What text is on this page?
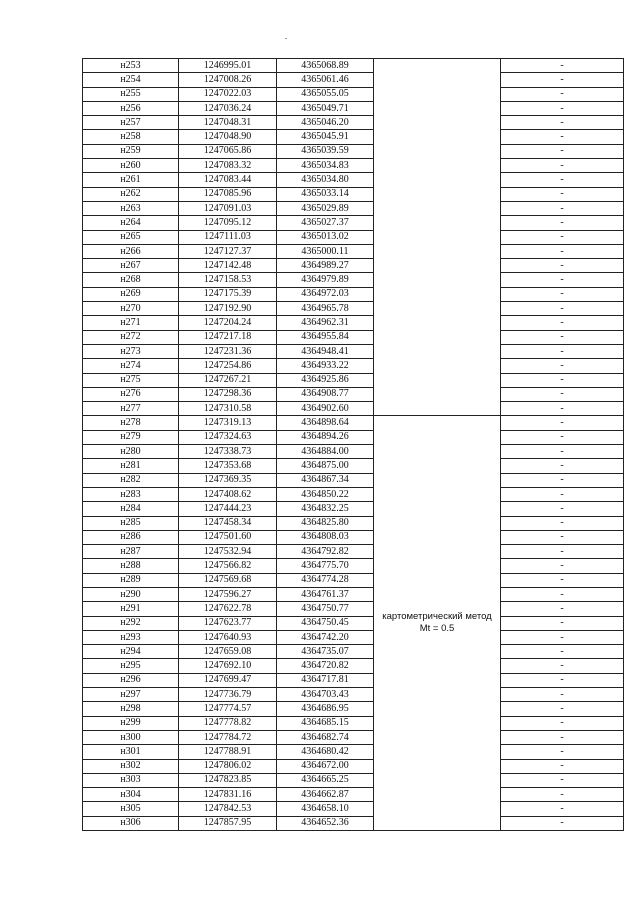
н253	1246995.01	4365068.89		-
н254	1247008.26	4365061.46		-
н255	1247022.03	4365055.05		-
н256	1247036.24	4365049.71		-
н257	1247048.31	4365046.20		-
н258	1247048.90	4365045.91		-
н259	1247065.86	4365039.59		-
н260	1247083.32	4365034.83		-
н261	1247083.44	4365034.80		-
н262	1247085.96	4365033.14		-
н263	1247091.03	4365029.89		-
н264	1247095.12	4365027.37		-
н265	1247111.03	4365013.02		-
н266	1247127.37	4365000.11		-
н267	1247142.48	4364989.27		-
н268	1247158.53	4364979.89		-
н269	1247175.39	4364972.03		-
н270	1247192.90	4364965.78		-
н271	1247204.24	4364962.31		-
н272	1247217.18	4364955.84		-
н273	1247231.36	4364948.41		-
н274	1247254.86	4364933.22		-
н275	1247267.21	4364925.86		-
н276	1247298.36	4364908.77		-
н277	1247310.58	4364902.60		-
н278	1247319.13	4364898.64	картометрический метод Mt = 0.5	-
н279	1247324.63	4364894.26		-
н280	1247338.73	4364884.00		-
н281	1247353.68	4364875.00		-
н282	1247369.35	4364867.34		-
н283	1247408.62	4364850.22		-
н284	1247444.23	4364832.25		-
н285	1247458.34	4364825.80		-
н286	1247501.60	4364808.03		-
н287	1247532.94	4364792.82		-
н288	1247566.82	4364775.70		-
н289	1247569.68	4364774.28		-
н290	1247596.27	4364761.37		-
н291	1247622.78	4364750.77		-
н292	1247623.77	4364750.45		-
н293	1247640.93	4364742.20		-
н294	1247659.08	4364735.07		-
н295	1247692.10	4364720.82		-
н296	1247699.47	4364717.81		-
н297	1247736.79	4364703.43		-
н298	1247774.57	4364686.95		-
н299	1247778.82	4364685.15		-
н300	1247784.72	4364682.74		-
н301	1247788.91	4364680.42		-
н302	1247806.02	4364672.00		-
н303	1247823.85	4364665.25		-
н304	1247831.16	4364662.87		-
н305	1247842.53	4364658.10		-
н306	1247857.95	4364652.36		-
